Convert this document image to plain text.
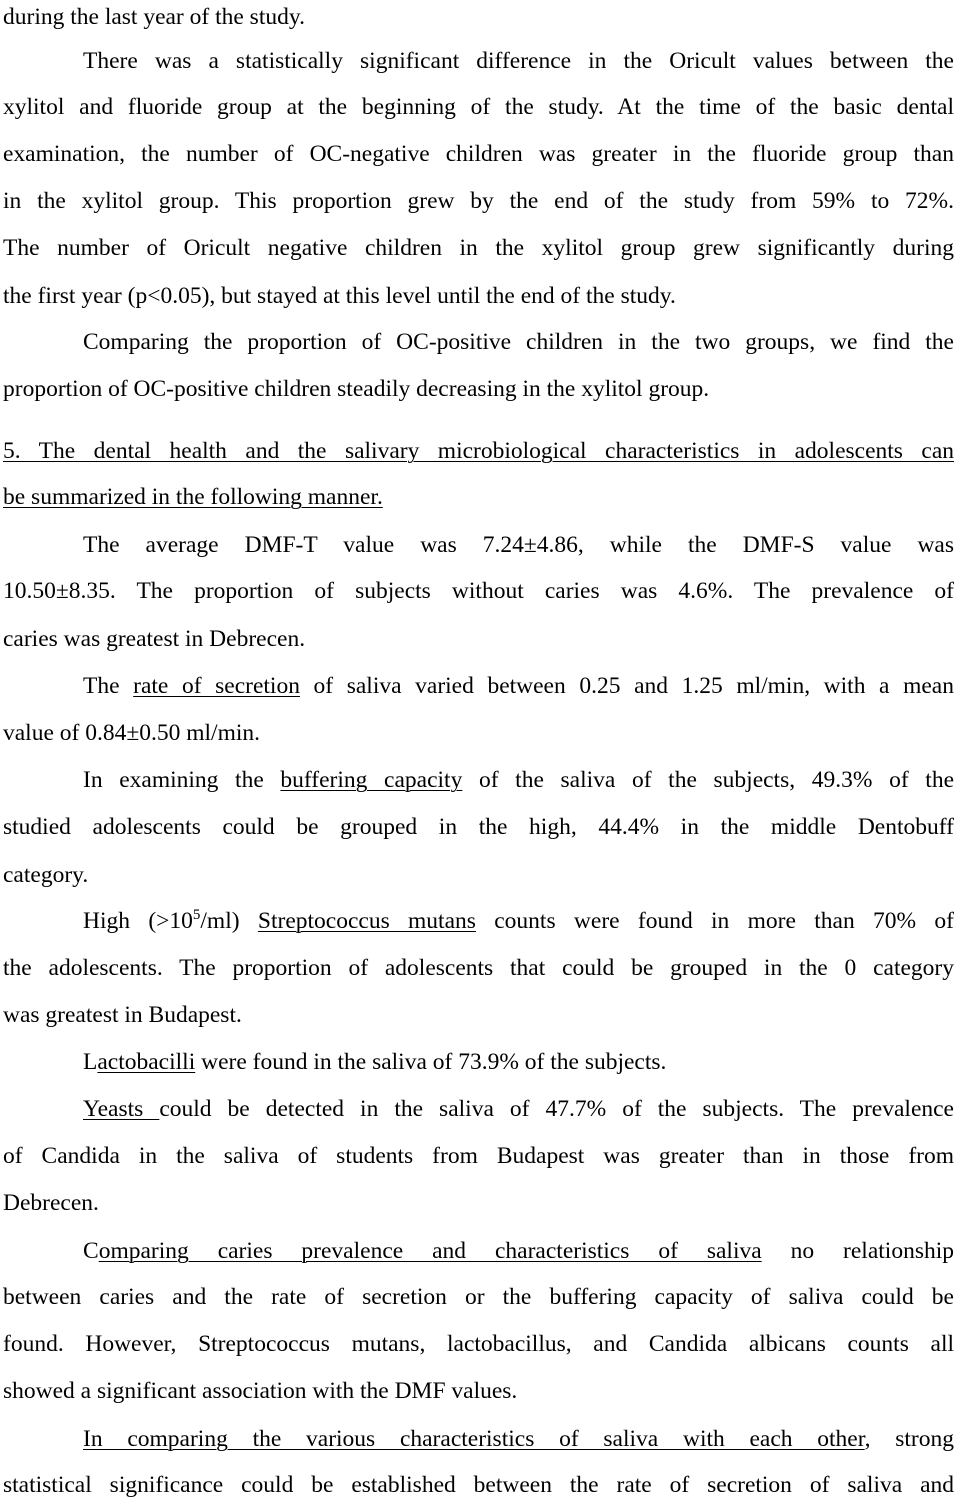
during the last year of the study.
There was a statistically significant difference in the Oricult values between the
xylitol and fluoride group at the beginning of the study. At the time of the basic dental
examination, the number of OC-negative children was greater in the fluoride group than
in the xylitol group. This proportion grew by the end of the study from 59% to 72%.
The number of Oricult negative children in the xylitol group grew significantly during
the first year (p<0.05), but stayed at this level until the end of the study.
Comparing the proportion of OC-positive children in the two groups, we find the
proportion of OC-positive children steadily decreasing in the xylitol group.
5. The dental health and the salivary microbiological characteristics in adolescents can
be summarized in the following manner.
The average DMF-T value was 7.24±4.86, while the DMF-S value was
10.50±8.35. The proportion of subjects without caries was 4.6%. The prevalence of
caries was greatest in Debrecen.
The rate of secretion of saliva varied between 0.25 and 1.25 ml/min, with a mean
value of 0.84±0.50 ml/min.
In examining the buffering capacity of the saliva of the subjects, 49.3% of the
studied adolescents could be grouped in the high, 44.4% in the middle Dentobuff
category.
High $(>10^5/ml)$ Streptococcus mutans counts were found in more than 70% of
the adolescents. The proportion of adolescents that could be grouped in the 0 category
was greatest in Budapest.
Lactobacilli were found in the saliva of 73.9% of the subjects.
Yeasts could be detected in the saliva of 47.7% of the subjects. The prevalence
of Candida in the saliva of students from Budapest was greater than in those from
Debrecen.
Comparing caries prevalence and characteristics of saliva no relationship
between caries and the rate of secretion or the buffering capacity of saliva could be
found. However, Streptococcus mutans, lactobacillus, and Candida albicans counts all
showed a significant association with the DMF values.
In comparing the various characteristics of saliva with each other, strong
statistical significance could be established between the rate of secretion of saliva and
